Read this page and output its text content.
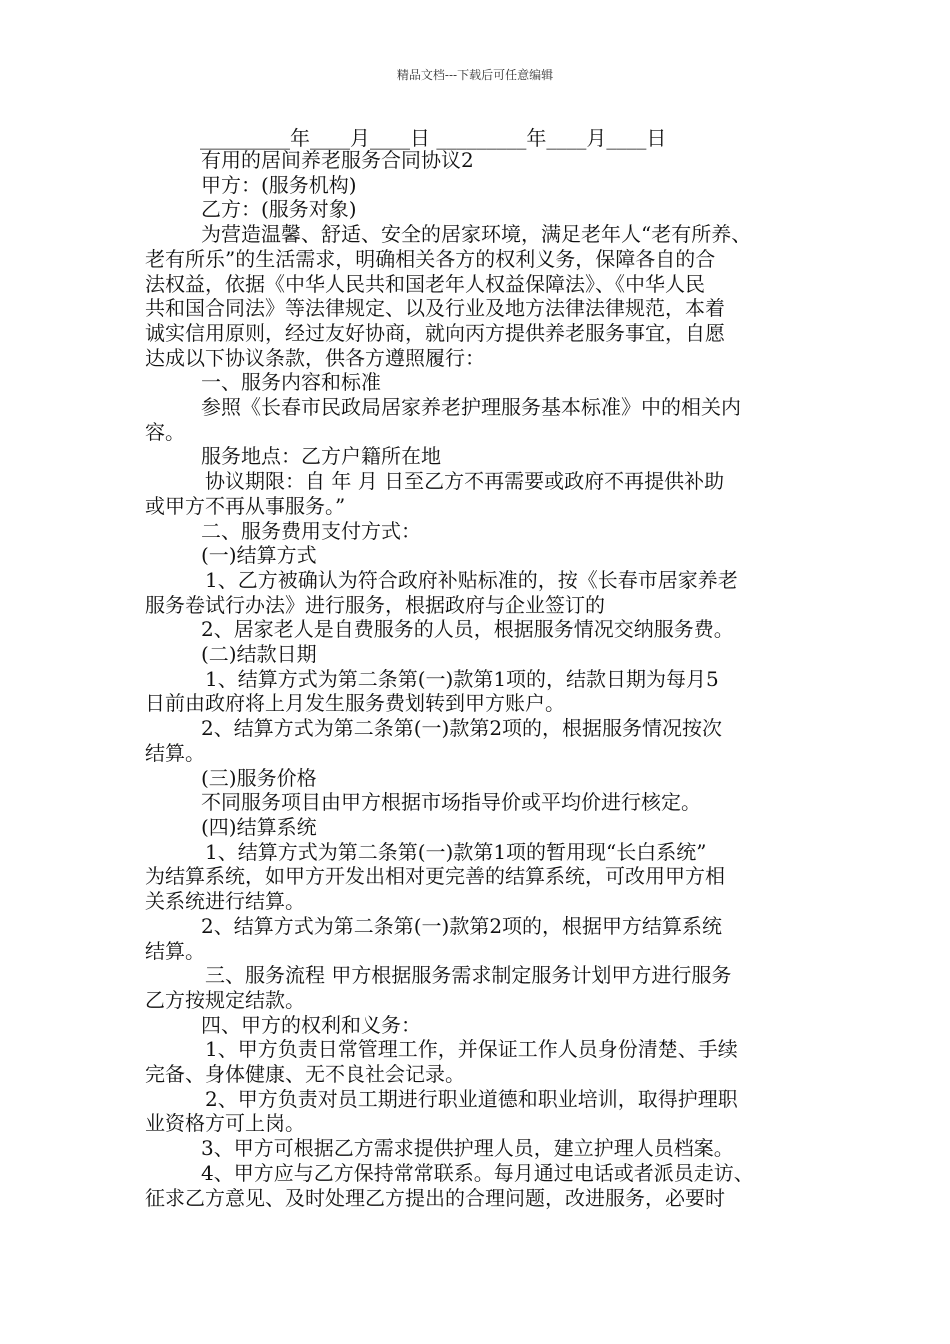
精品文档---下载后可任意编辑
_________年____月____日 _________年____月____日
有用的居间养老服务合同协议2
甲方：(服务机构)
乙方：(服务对象)
为营造温馨、舒适、安全的居家环境，满足老年人“老有所养、
老有所乐”的生活需求，明确相关各方的权利义务，保障各自的合
法权益，依据《中华人民共和国老年人权益保障法》、《中华人民
共和国合同法》等法律规定、以及行业及地方法律法律规范，本着
诚实信用原则，经过友好协商，就向丙方提供养老服务事宜，自愿
达成以下协议条款，供各方遵照履行：
一、服务内容和标准
参照《长春市民政局居家养老护理服务基本标准》中的相关内
容。
服务地点：乙方户籍所在地
协议期限：自 年 月 日至乙方不再需要或政府不再提供补助
或甲方不再从事服务。”
二、服务费用支付方式：
(一)结算方式
1、乙方被确认为符合政府补贴标准的，按《长春市居家养老
服务卷试行办法》进行服务，根据政府与企业签订的
2、居家老人是自费服务的人员，根据服务情况交纳服务费。
(二)结款日期
1、结算方式为第二条第(一)款第1项的，结款日期为每月5
日前由政府将上月发生服务费划转到甲方账户。
2、结算方式为第二条第(一)款第2项的，根据服务情况按次
结算。
(三)服务价格
不同服务项目由甲方根据市场指导价或平均价进行核定。
(四)结算系统
1、结算方式为第二条第(一)款第1项的暂用现“长白系统”
为结算系统，如甲方开发出相对更完善的结算系统，可改用甲方相
关系统进行结算。
2、结算方式为第二条第(一)款第2项的，根据甲方结算系统
结算。
三、服务流程 甲方根据服务需求制定服务计划甲方进行服务
乙方按规定结款。
四、甲方的权利和义务：
1、甲方负责日常管理工作，并保证工作人员身份清楚、手续
完备、身体健康、无不良社会记录。
2、甲方负责对员工期进行职业道德和职业培训，取得护理职
业资格方可上岗。
3、甲方可根据乙方需求提供护理人员，建立护理人员档案。
4、甲方应与乙方保持常常联系。每月通过电话或者派员走访、
征求乙方意见、及时处理乙方提出的合理问题，改进服务，必要时
